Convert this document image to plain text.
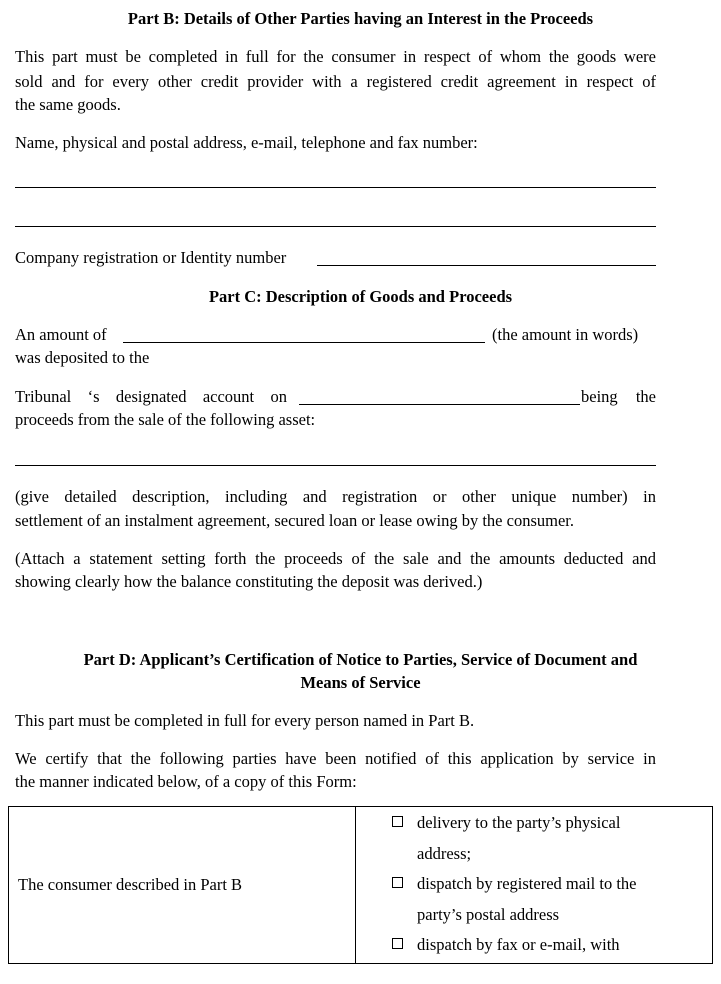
Part B: Details of Other Parties having an Interest in the Proceeds
This part must be completed in full for the consumer in respect of whom the goods were
sold and for every other credit provider with a registered credit agreement in respect of
the same goods.
Name, physical and postal address, e-mail, telephone and fax number:
Company registration or Identity number
Part C: Description of Goods and Proceeds
An amount of	(the amount in words)
was deposited to the
Tribunal ‘s designated account on	being the
proceeds from the sale of the following asset:
(give detailed description, including and registration or other unique number) in
settlement of an instalment agreement, secured loan or lease owing by the consumer.
(Attach a statement setting forth the proceeds of the sale and the amounts deducted and
showing clearly how the balance constituting the deposit was derived.)
Part D: Applicant’s Certification of Notice to Parties, Service of Document and
Means of Service
This part must be completed in full for every person named in Part B.
We certify that the following parties have been notified of this application by service in
the manner indicated below, of a copy of this Form:
The consumer described in Part B
delivery to the party’s physical
address;
dispatch by registered mail to the
party’s postal address
dispatch by fax or e-mail, with
